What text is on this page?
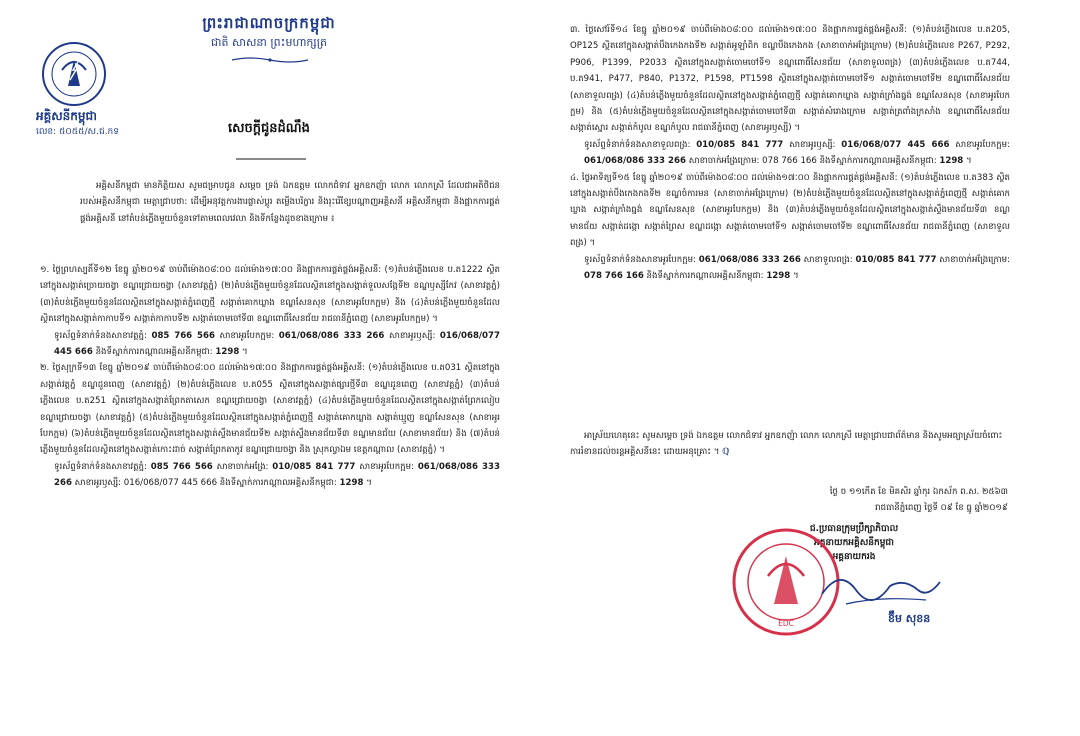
ព្រះរាជាណាចក្រកម្ពុជា
ជាតិ សាសនា ព្រះមហាក្សត្រ
អគ្គិសនីកម្ពុជា
លេខ: ៥០៥៥/ស.ជ.កទ	សេចក្តីជូនដំណឹង

អគ្គិសនីកម្ពុជា មានកិត្តិយស សូមជម្រាបជូន សម្តេច ទ្រង់ ឯកឧត្តម លោកជំទាវ អ្នកឧកញ៉ា លោក លោកស្រី ដែលជាអតិថិជនរបស់អគ្គិសនីកម្ពុជា មេត្តាជ្រាបថា: ដើម្បីអនុវត្តការងារផ្លាស់ប្តូរ តម្លើងបរិក្ខារ និងរុះរើខ្សែបណ្តាញអគ្គិសនី អគ្គិសនីកម្ពុជា និងផ្អាកការផ្គត់ផ្គង់អគ្គិសនី នៅតំបន់ភ្លើងមួយចំនួនទៅតាមពេលវេលា និងទីកន្លែងដូចខាងក្រោម ៖

១. ថ្ងៃព្រហស្បតិ៍ទី១២ ខែធ្នូ ឆ្នាំ២០១៩ ចាប់ពីម៉ោង០៨ៈ០០ ដល់ម៉ោង១៧ៈ០០ និងផ្អាកការផ្គត់ផ្គង់អគ្គិសនី: (១)តំបន់ភ្លើងលេខ ប.ត1222 ស្ថិតនៅក្នុងសង្កាត់ច្រោយចង្វា ខណ្ឌជ្រោយចង្វា (សាខាវត្តភ្នំ) (២)តំបន់ភ្លើងមួយចំនួនដែលស្ថិតនៅក្នុងសង្កាត់ទួលសង្កែទី២ ខណ្ឌឫស្សីកែវ (សាខាវត្តភ្នំ) (៣)តំបន់ភ្លើងមួយចំនួនដែលស្ថិតនៅក្នុងសង្កាត់ភ្នំពេញថ្មី សង្កាត់គោកឃ្លាង ខណ្ឌសែនសុខ (សាខាអូរបែកក្អម) និង (៤)តំបន់ភ្លើងមួយចំនួនដែលស្ថិតនៅក្នុងសង្កាត់កាកាបទី១ សង្កាត់កាកាបទី២ សង្កាត់ចោមចៅទី៣ ខណ្ឌពោធិ៍សែនជ័យ រាជធានីភ្នំពេញ (សាខាអូរបែកក្អម) ។

ទូរស័ព្ទទំនាក់ទំនងសាខាវត្តភ្នំ: 085 766 566 សាខាអូរបែកក្អម: 061/068/086 333 266 សាខាអូរឫស្សី: 016/068/077 445 666 និងទីស្នាក់ការកណ្តាលអគ្គិសនីកម្ពុជា: 1298 ។

២. ថ្ងៃសុក្រទី១៣ ខែធ្នូ ឆ្នាំ២០១៩ ចាប់ពីម៉ោង០៨ៈ០០ ដល់ម៉ោង១៧ៈ០០ និងផ្អាកការផ្គត់ផ្គង់អគ្គិសនី: (១)តំបន់ភ្លើងលេខ ប.ត031 ស្ថិតនៅក្នុងសង្កាត់វត្តភ្នំ ខណ្ឌដូនពេញ (សាខាវត្តភ្នំ) (២)តំបន់ភ្លើងលេខ ប.ត055 ស្ថិតនៅក្នុងសង្កាត់ផ្សារថ្មីទី៣ ខណ្ឌដូនពេញ (សាខាវត្តភ្នំ) (៣)តំបន់ភ្លើងលេខ ប.ត251 ស្ថិតនៅក្នុងសង្កាត់ព្រែកតាសេក ខណ្ឌជ្រោយចង្វា (សាខាវត្តភ្នំ) (៤)តំបន់ភ្លើងមួយចំនួនដែលស្ថិតនៅក្នុងសង្កាត់ព្រែកលៀប ខណ្ឌជ្រោយចង្វា (សាខាវត្តភ្នំ) (៥)តំបន់ភ្លើងមួយចំនួនដែលស្ថិតនៅក្នុងសង្កាត់ភ្នំពេញថ្មី សង្កាត់គោកឃ្លាង សង្កាត់ឃ្មួញ ខណ្ឌសែនសុខ (សាខាអូរបែកក្អម) (៦)តំបន់ភ្លើងមួយចំនួនដែលស្ថិតនៅក្នុងសង្កាត់ស្ទឹងមានជ័យទី២ សង្កាត់ស្ទឹងមានជ័យទី៣ ខណ្ឌមានជ័យ (សាខាមានជ័យ) និង (៧)តំបន់ភ្លើងមួយចំនួនដែលស្ថិតនៅក្នុងសង្កាត់កោះដាច់ សង្កាត់ព្រែកតាកូវ ខណ្ឌជ្រោយចង្វា និង ស្រុកល្វាឯម ខេត្តកណ្តាល (សាខាវត្តភ្នំ) ។

ទូរស័ព្ទទំនាក់ទំនងសាខាវត្តភ្នំ: 085 766 566 សាខាចាក់អង្រែ: 010/085 841 777 សាខាអូរបែកក្អម: 061/068/086 333 266 សាខាអូរឫស្សី: 016/068/077 445 666 និងទីស្នាក់ការកណ្តាលអគ្គិសនីកម្ពុជា: 1298 ។

៣. ថ្ងៃសៅរ៍ទី១៤ ខែធ្នូ ឆ្នាំ២០១៩ ចាប់ពីម៉ោង០៨ៈ០០ ដល់ម៉ោង១៧ៈ០០ និងផ្អាកការផ្គត់ផ្គង់អគ្គិសនី: (១)តំបន់ភ្លើងលេខ ប.ត205, OP125 ស្ថិតនៅក្នុងសង្កាត់បឹងកេងកងទី២ សង្កាត់អូឡាំពិក ខណ្ឌបឹងកេងកង (សាខាចាក់អង្រែក្រោម) (២)តំបន់ភ្លើងលេខ P267, P292, P906, P1399, P2033 ស្ថិតនៅក្នុងសង្កាត់ចោមចៅទី១ ខណ្ឌពោធិ៍សែនជ័យ (សាខាទួលពង្រ) (៣)តំបន់ភ្លើងលេខ ប.ត744, ប.ត941, P477, P840, P1372, P1598, PT1598 ស្ថិតនៅក្នុងសង្កាត់ចោមចៅទី១ សង្កាត់ចោមចៅទី២ ខណ្ឌពោធិ៍សែនជ័យ (សាខាទួលពង្រ) (៤)តំបន់ភ្លើងមួយចំនួនដែលស្ថិតនៅក្នុងសង្កាត់ភ្នំពេញថ្មី សង្កាត់គោកឃ្លាង សង្កាត់ក្រាំងធ្នង់ ខណ្ឌសែនសុខ (សាខាអូរបែកក្អម) និង (៥)តំបន់ភ្លើងមួយចំនួនដែលស្ថិតនៅក្នុងសង្កាត់ចោមចៅទី៣ សង្កាត់សំរោងក្រោម សង្កាត់ត្រពាំងក្រសាំង ខណ្ឌពោធិ៍សែនជ័យ សង្កាត់ស្នោរ សង្កាត់កំបូល ខណ្ឌកំបូល រាជធានីភ្នំពេញ (សាខាអូរឫស្សី) ។

ទូរស័ព្ទទំនាក់ទំនងសាខាទួលពង្រ: 010/085 841 777 សាខាអូរឫស្សី: 016/068/077 445 666 សាខាអូរបែកក្អម: 061/068/086 333 266 សាខាចាក់អង្រែក្រោម: 078 766 166 និងទីស្នាក់ការកណ្តាលអគ្គិសនីកម្ពុជា: 1298 ។

៤. ថ្ងៃអាទិត្យទី១៥ ខែធ្នូ ឆ្នាំ២០១៩ ចាប់ពីម៉ោង០៨ៈ០០ ដល់ម៉ោង១៧ៈ០០ និងផ្អាកការផ្គត់ផ្គង់អគ្គិសនី: (១)តំបន់ភ្លើងលេខ ប.ត383 ស្ថិតនៅក្នុងសង្កាត់បឹងកេងកងទី២ ខណ្ឌចំការមន (សាខាចាក់អង្រែក្រោម) (២)តំបន់ភ្លើងមួយចំនួនដែលស្ថិតនៅក្នុងសង្កាត់ភ្នំពេញថ្មី សង្កាត់គោកឃ្លាង សង្កាត់ក្រាំងធ្នង់ ខណ្ឌសែនសុខ (សាខាអូរបែកក្អម) និង (៣)តំបន់ភ្លើងមួយចំនួនដែលស្ថិតនៅក្នុងសង្កាត់ស្ទឹងមានជ័យទី៣ ខណ្ឌមានជ័យ សង្កាត់ដង្កោ សង្កាត់ព្រៃស ខណ្ឌដង្កោ សង្កាត់ចោមចៅទី១ សង្កាត់ចោមចៅទី២ ខណ្ឌពោធិ៍សែនជ័យ រាជធានីភ្នំពេញ (សាខាទួលពង្រ) ។

ទូរស័ព្ទទំនាក់ទំនងសាខាអូរបែកក្អម: 061/068/086 333 266 សាខាទួលពង្រ: 010/085 841 777 សាខាចាក់អង្រែក្រោម: 078 766 166 និងទីស្នាក់ការកណ្តាលអគ្គិសនីកម្ពុជា: 1298 ។

អាស្រ័យហេតុនេះ សូមសម្តេច ទ្រង់ ឯកឧត្តម លោកជំទាវ អ្នកឧកញ៉ា លោក លោកស្រី មេត្តាជ្រាបជាព័ត៌មាន និងសូមអធ្យាស្រ័យចំពោះការរំខានដល់ចរន្តអគ្គិសនីនេះ ដោយអនុគ្រោះ ។ ℚ
ថ្ងៃ ច ១១កើត ខែ មិគសិរ ឆ្នាំកុរ ឯកស័ក ព.ស. ២៥៦៣
រាជធានីភ្នំពេញ ថ្ងៃទី ០៩ ខែ ធ្នូ ឆ្នាំ២០១៩
ជ.ប្រធានក្រុមប្រឹក្សាភិបាល
អគ្គនាយកអគ្គិសនីកម្ពុជា
អគ្គនាយករង
EDC	ខ៊ឹម សុខន
